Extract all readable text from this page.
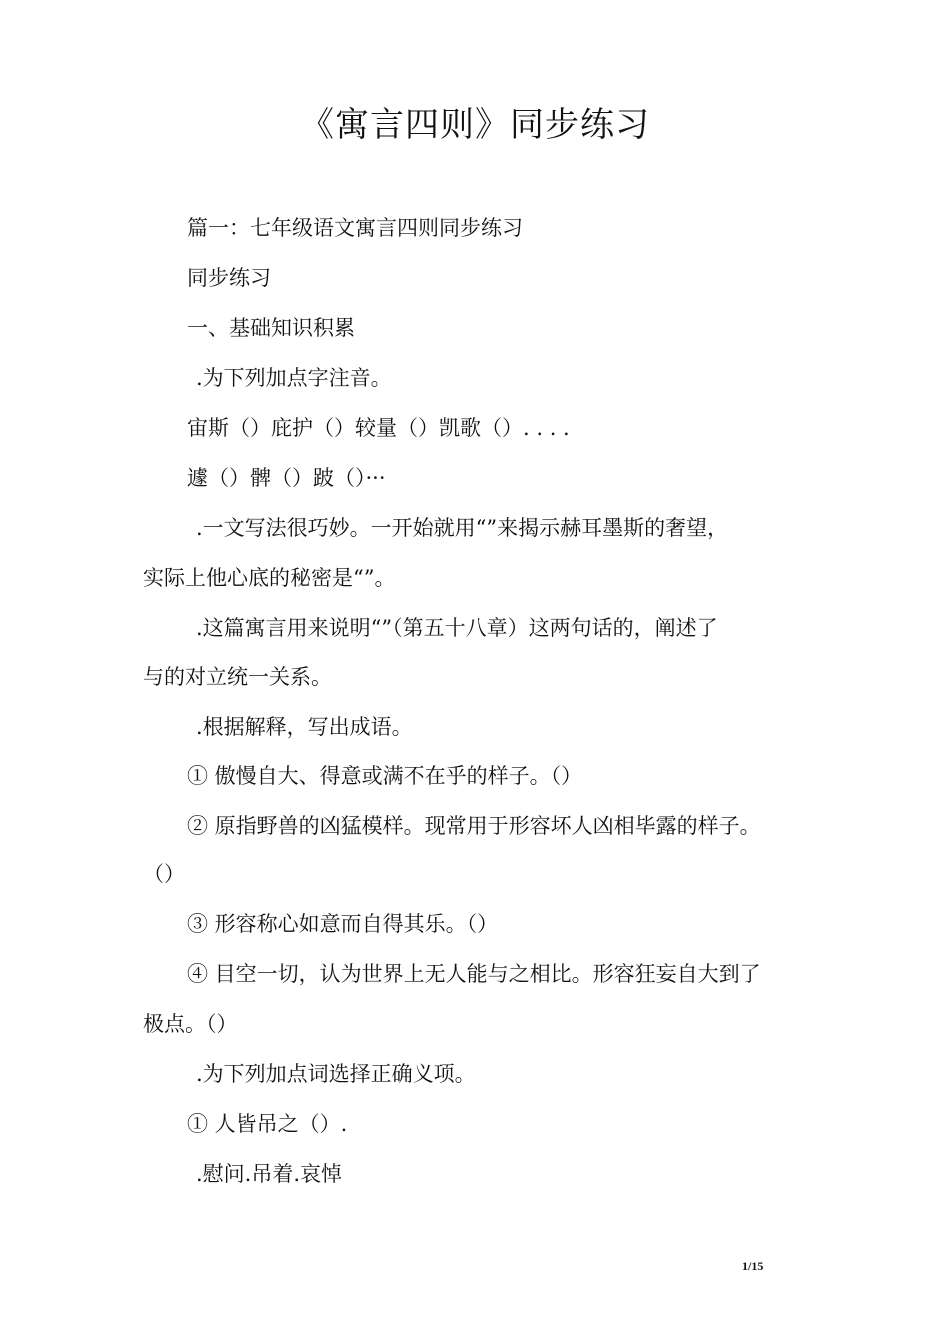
《寓言四则》同步练习
篇一：七年级语文寓言四则同步练习
同步练习
一、基础知识积累
.为下列加点字注音。
宙斯（）庇护（）较量（）凯歌（）. . . .
遽（）髀（）跛（）···
.一文写法很巧妙。一开始就用“”来揭示赫耳墨斯的奢望，
实际上他心底的秘密是“”。
.这篇寓言用来说明“”（第五十八章）这两句话的，阐述了
与的对立统一关系。
.根据解释，写出成语。
① 傲慢自大、得意或满不在乎的样子。（）
② 原指野兽的凶猛模样。现常用于形容坏人凶相毕露的样子。
（）
③ 形容称心如意而自得其乐。（）
④ 目空一切，认为世界上无人能与之相比。形容狂妄自大到了
极点。（）
.为下列加点词选择正确义项。
① 人皆吊之（）.
.慰问.吊着.哀悼
1/15
